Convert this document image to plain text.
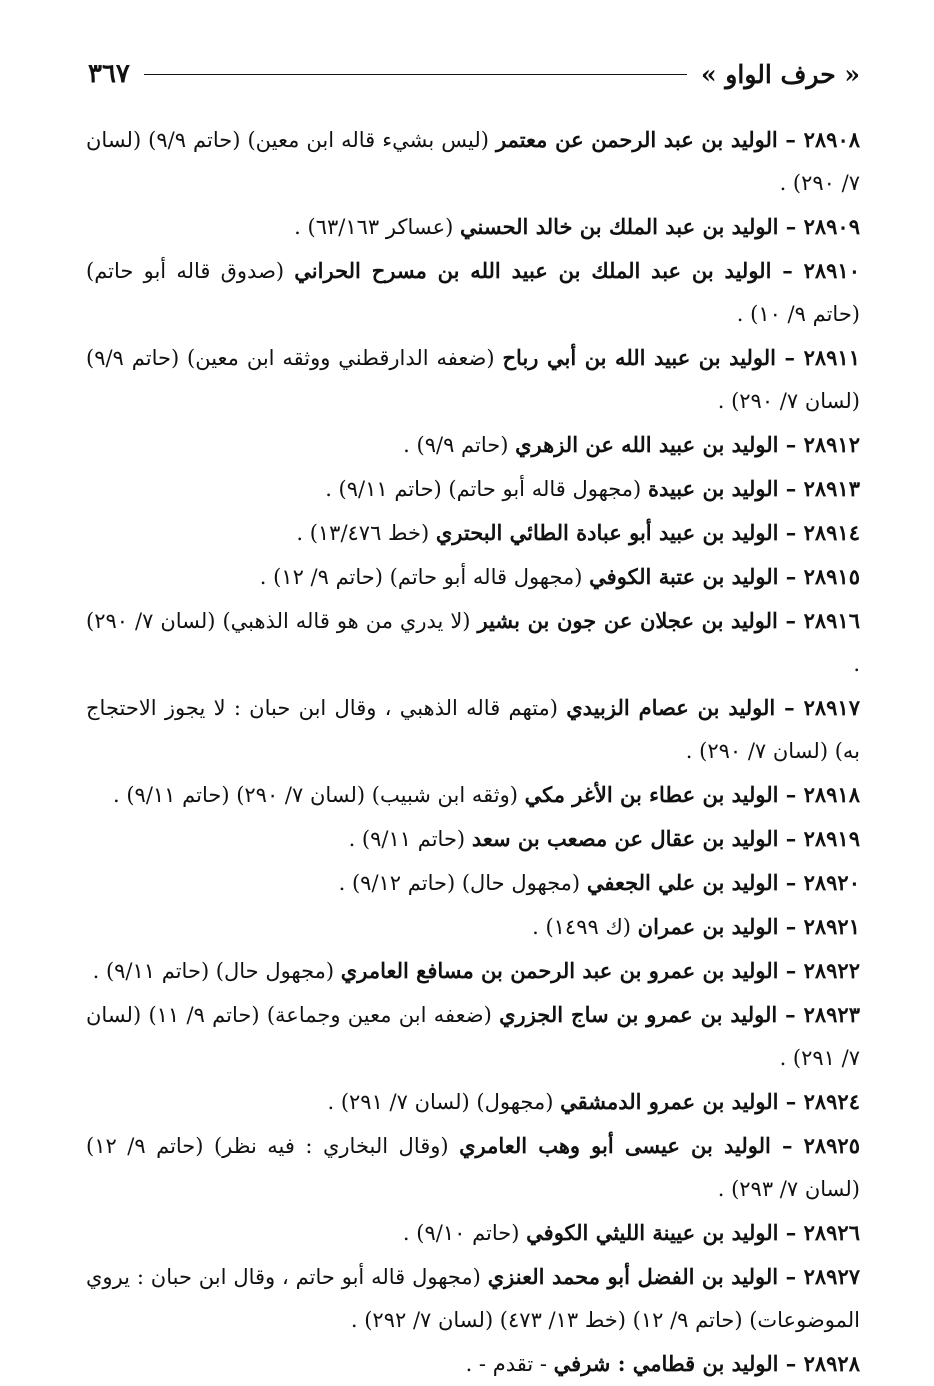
« حرف الواو »
٣٦٧

٢٨٩٠٨ – الوليد بن عبد الرحمن عن معتمر (ليس بشيء قاله ابن معين) (حاتم ٩/٩) (لسان ٧/ ٢٩٠) .

٢٨٩٠٩ – الوليد بن عبد الملك بن خالد الحسني (عساكر ٦٣/١٦٣) .

٢٨٩١٠ – الوليد بن عبد الملك بن عبيد الله بن مسرح الحراني (صدوق قاله أبو حاتم) (حاتم ٩/ ١٠) .

٢٨٩١١ – الوليد بن عبيد الله بن أبي رباح (ضعفه الدارقطني ووثقه ابن معين) (حاتم ٩/٩) (لسان ٧/ ٢٩٠) .

٢٨٩١٢ – الوليد بن عبيد الله عن الزهري (حاتم ٩/٩) .

٢٨٩١٣ – الوليد بن عبيدة (مجهول قاله أبو حاتم) (حاتم ٩/١١) .

٢٨٩١٤ – الوليد بن عبيد أبو عبادة الطائي البحتري (خط ١٣/٤٧٦) .

٢٨٩١٥ – الوليد بن عتبة الكوفي (مجهول قاله أبو حاتم) (حاتم ٩/ ١٢) .

٢٨٩١٦ – الوليد بن عجلان عن جون بن بشير (لا يدري من هو قاله الذهبي) (لسان ٧/ ٢٩٠) .

٢٨٩١٧ – الوليد بن عصام الزبيدي (متهم قاله الذهبي ، وقال ابن حبان : لا يجوز الاحتجاج به) (لسان ٧/ ٢٩٠) .

٢٨٩١٨ – الوليد بن عطاء بن الأغر مكي (وثقه ابن شبيب) (لسان ٧/ ٢٩٠) (حاتم ٩/١١) .

٢٨٩١٩ – الوليد بن عقال عن مصعب بن سعد (حاتم ٩/١١) .

٢٨٩٢٠ – الوليد بن علي الجعفي (مجهول حال) (حاتم ٩/١٢) .

٢٨٩٢١ – الوليد بن عمران (ك ١٤٩٩) .

٢٨٩٢٢ – الوليد بن عمرو بن عبد الرحمن بن مسافع العامري (مجهول حال) (حاتم ٩/١١) .

٢٨٩٢٣ – الوليد بن عمرو بن ساج الجزري (ضعفه ابن معين وجماعة) (حاتم ٩/ ١١) (لسان ٧/ ٢٩١) .

٢٨٩٢٤ – الوليد بن عمرو الدمشقي (مجهول) (لسان ٧/ ٢٩١) .

٢٨٩٢٥ – الوليد بن عيسى أبو وهب العامري (وقال البخاري : فيه نظر) (حاتم ٩/ ١٢) (لسان ٧/ ٢٩٣) .

٢٨٩٢٦ – الوليد بن عيينة الليثي الكوفي (حاتم ٩/١٠) .

٢٨٩٢٧ – الوليد بن الفضل أبو محمد العنزي (مجهول قاله أبو حاتم ، وقال ابن حبان : يروي الموضوعات) (حاتم ٩/ ١٢) (خط ١٣/ ٤٧٣) (لسان ٧/ ٢٩٢) .

٢٨٩٢٨ – الوليد بن قطامي : شرفي - تقدم - .
